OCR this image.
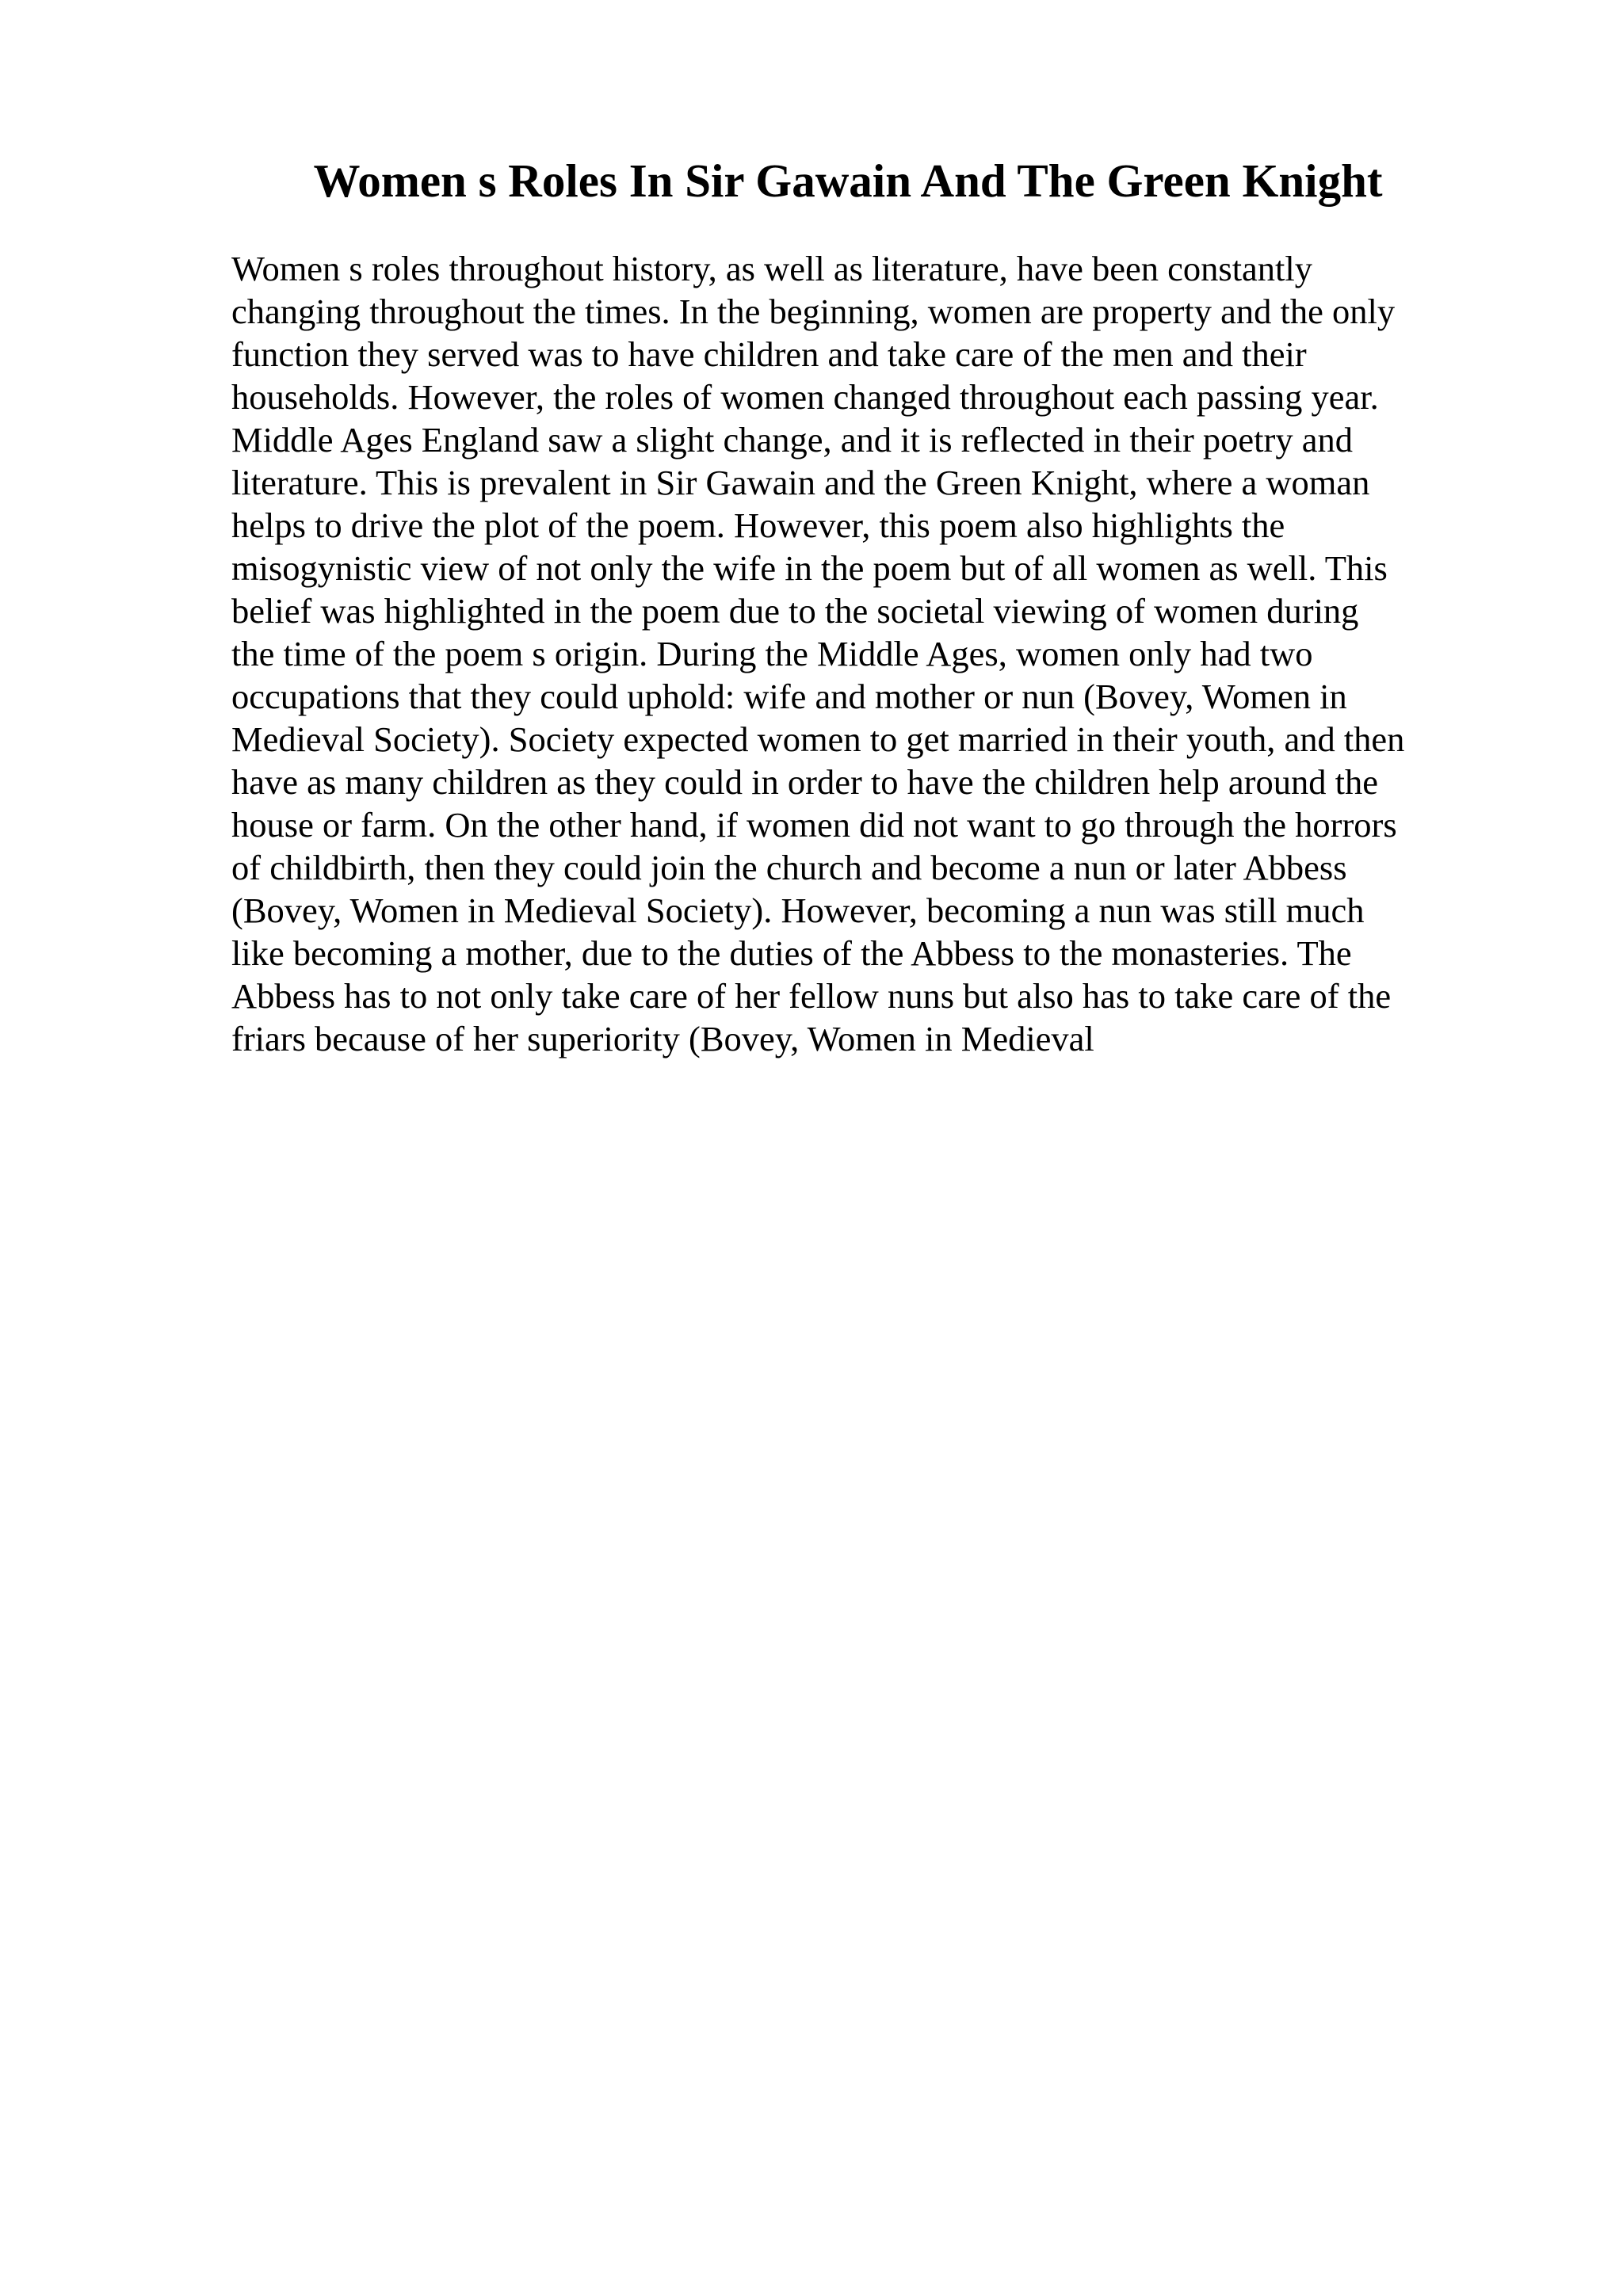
Women s Roles In Sir Gawain And The Green Knight
Women s roles throughout history, as well as literature, have been constantly
changing throughout the times. In the beginning, women are property and the only
function they served was to have children and take care of the men and their
households. However, the roles of women changed throughout each passing year.
Middle Ages England saw a slight change, and it is reflected in their poetry and
literature. This is prevalent in Sir Gawain and the Green Knight, where a woman
helps to drive the plot of the poem. However, this poem also highlights the
misogynistic view of not only the wife in the poem but of all women as well. This
belief was highlighted in the poem due to the societal viewing of women during
the time of the poem s origin. During the Middle Ages, women only had two
occupations that they could uphold: wife and mother or nun (Bovey, Women in
Medieval Society). Society expected women to get married in their youth, and then
have as many children as they could in order to have the children help around the
house or farm. On the other hand, if women did not want to go through the horrors
of childbirth, then they could join the church and become a nun or later Abbess
(Bovey, Women in Medieval Society). However, becoming a nun was still much
like becoming a mother, due to the duties of the Abbess to the monasteries. The
Abbess has to not only take care of her fellow nuns but also has to take care of the
friars because of her superiority (Bovey, Women in Medieval
